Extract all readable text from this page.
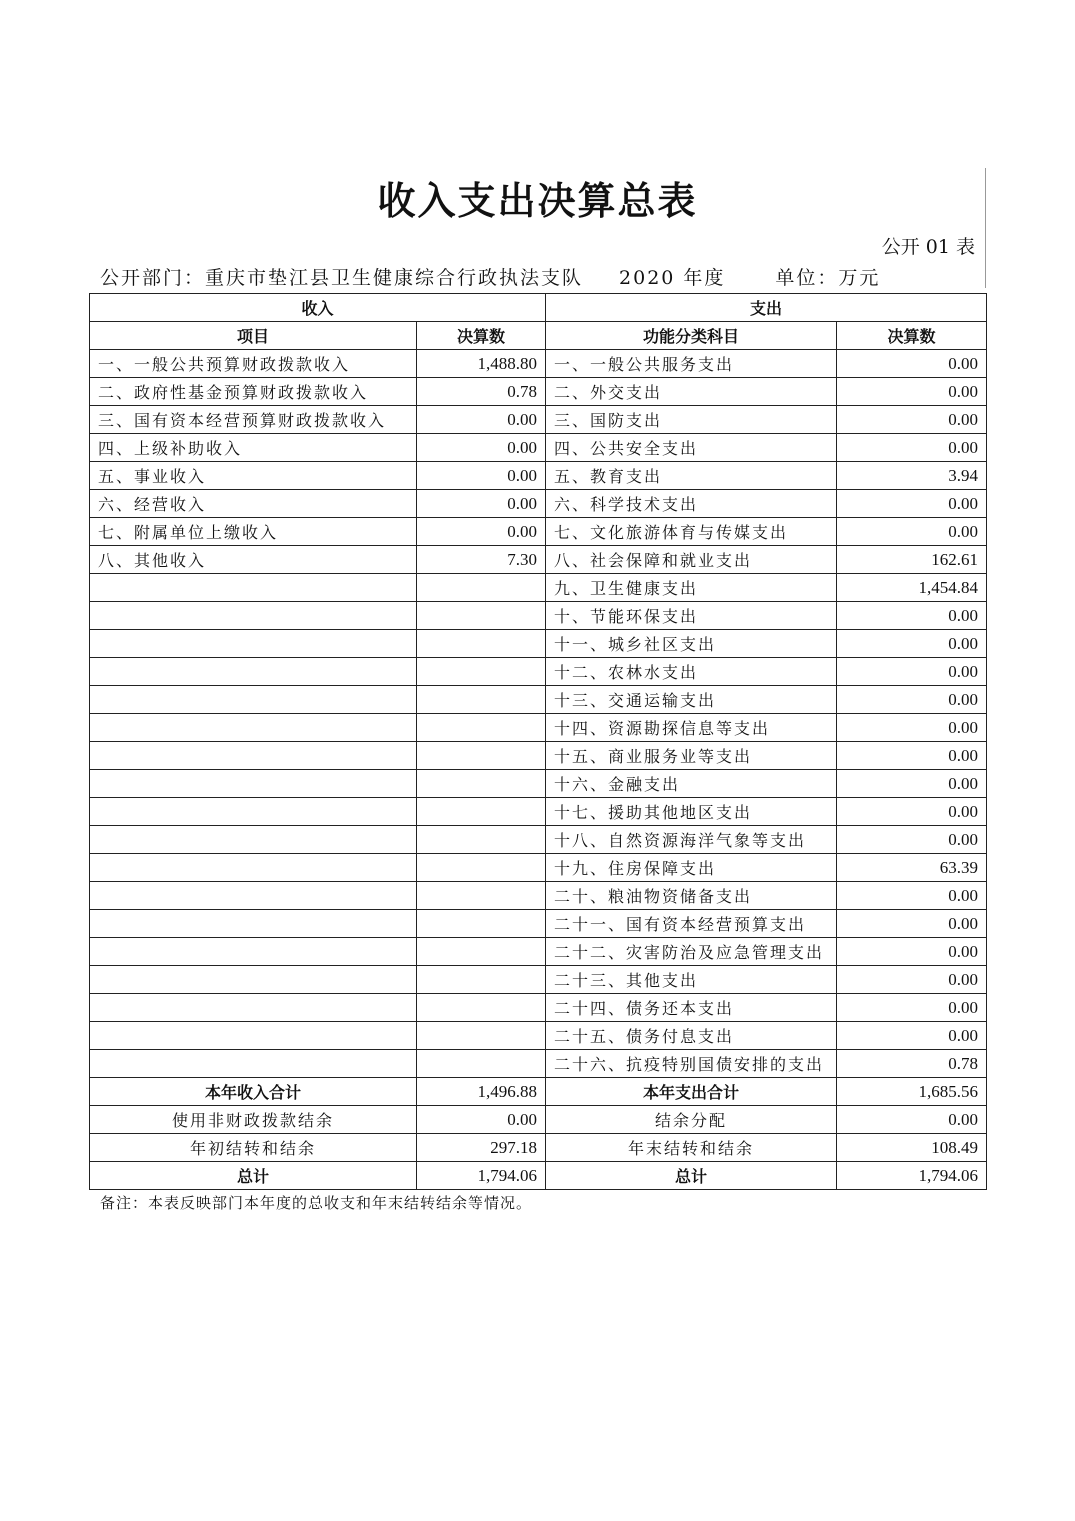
收入支出决算总表
公开 01 表
公开部门：重庆市垫江县卫生健康综合行政执法支队 2020 年度	单位：万元
收入		支出	
项目	决算数	功能分类科目	决算数
一、一般公共预算财政拨款收入	1,488.80	一、一般公共服务支出	0.00
二、政府性基金预算财政拨款收入	0.78	二、外交支出	0.00
三、国有资本经营预算财政拨款收入	0.00	三、国防支出	0.00
四、上级补助收入	0.00	四、公共安全支出	0.00
五、事业收入	0.00	五、教育支出	3.94
六、经营收入	0.00	六、科学技术支出	0.00
七、附属单位上缴收入	0.00	七、文化旅游体育与传媒支出	0.00
八、其他收入	7.30	八、社会保障和就业支出	162.61
		九、卫生健康支出	1,454.84
		十、节能环保支出	0.00
		十一、城乡社区支出	0.00
		十二、农林水支出	0.00
		十三、交通运输支出	0.00
		十四、资源勘探信息等支出	0.00
		十五、商业服务业等支出	0.00
		十六、金融支出	0.00
		十七、援助其他地区支出	0.00
		十八、自然资源海洋气象等支出	0.00
		十九、住房保障支出	63.39
		二十、粮油物资储备支出	0.00
		二十一、国有资本经营预算支出	0.00
		二十二、灾害防治及应急管理支出	0.00
		二十三、其他支出	0.00
		二十四、债务还本支出	0.00
		二十五、债务付息支出	0.00
		二十六、抗疫特别国债安排的支出	0.78
本年收入合计	1,496.88	本年支出合计	1,685.56
使用非财政拨款结余	0.00	结余分配	0.00
年初结转和结余	297.18	年末结转和结余	108.49
总计	1,794.06	总计	1,794.06
备注：本表反映部门本年度的总收支和年末结转结余等情况。
